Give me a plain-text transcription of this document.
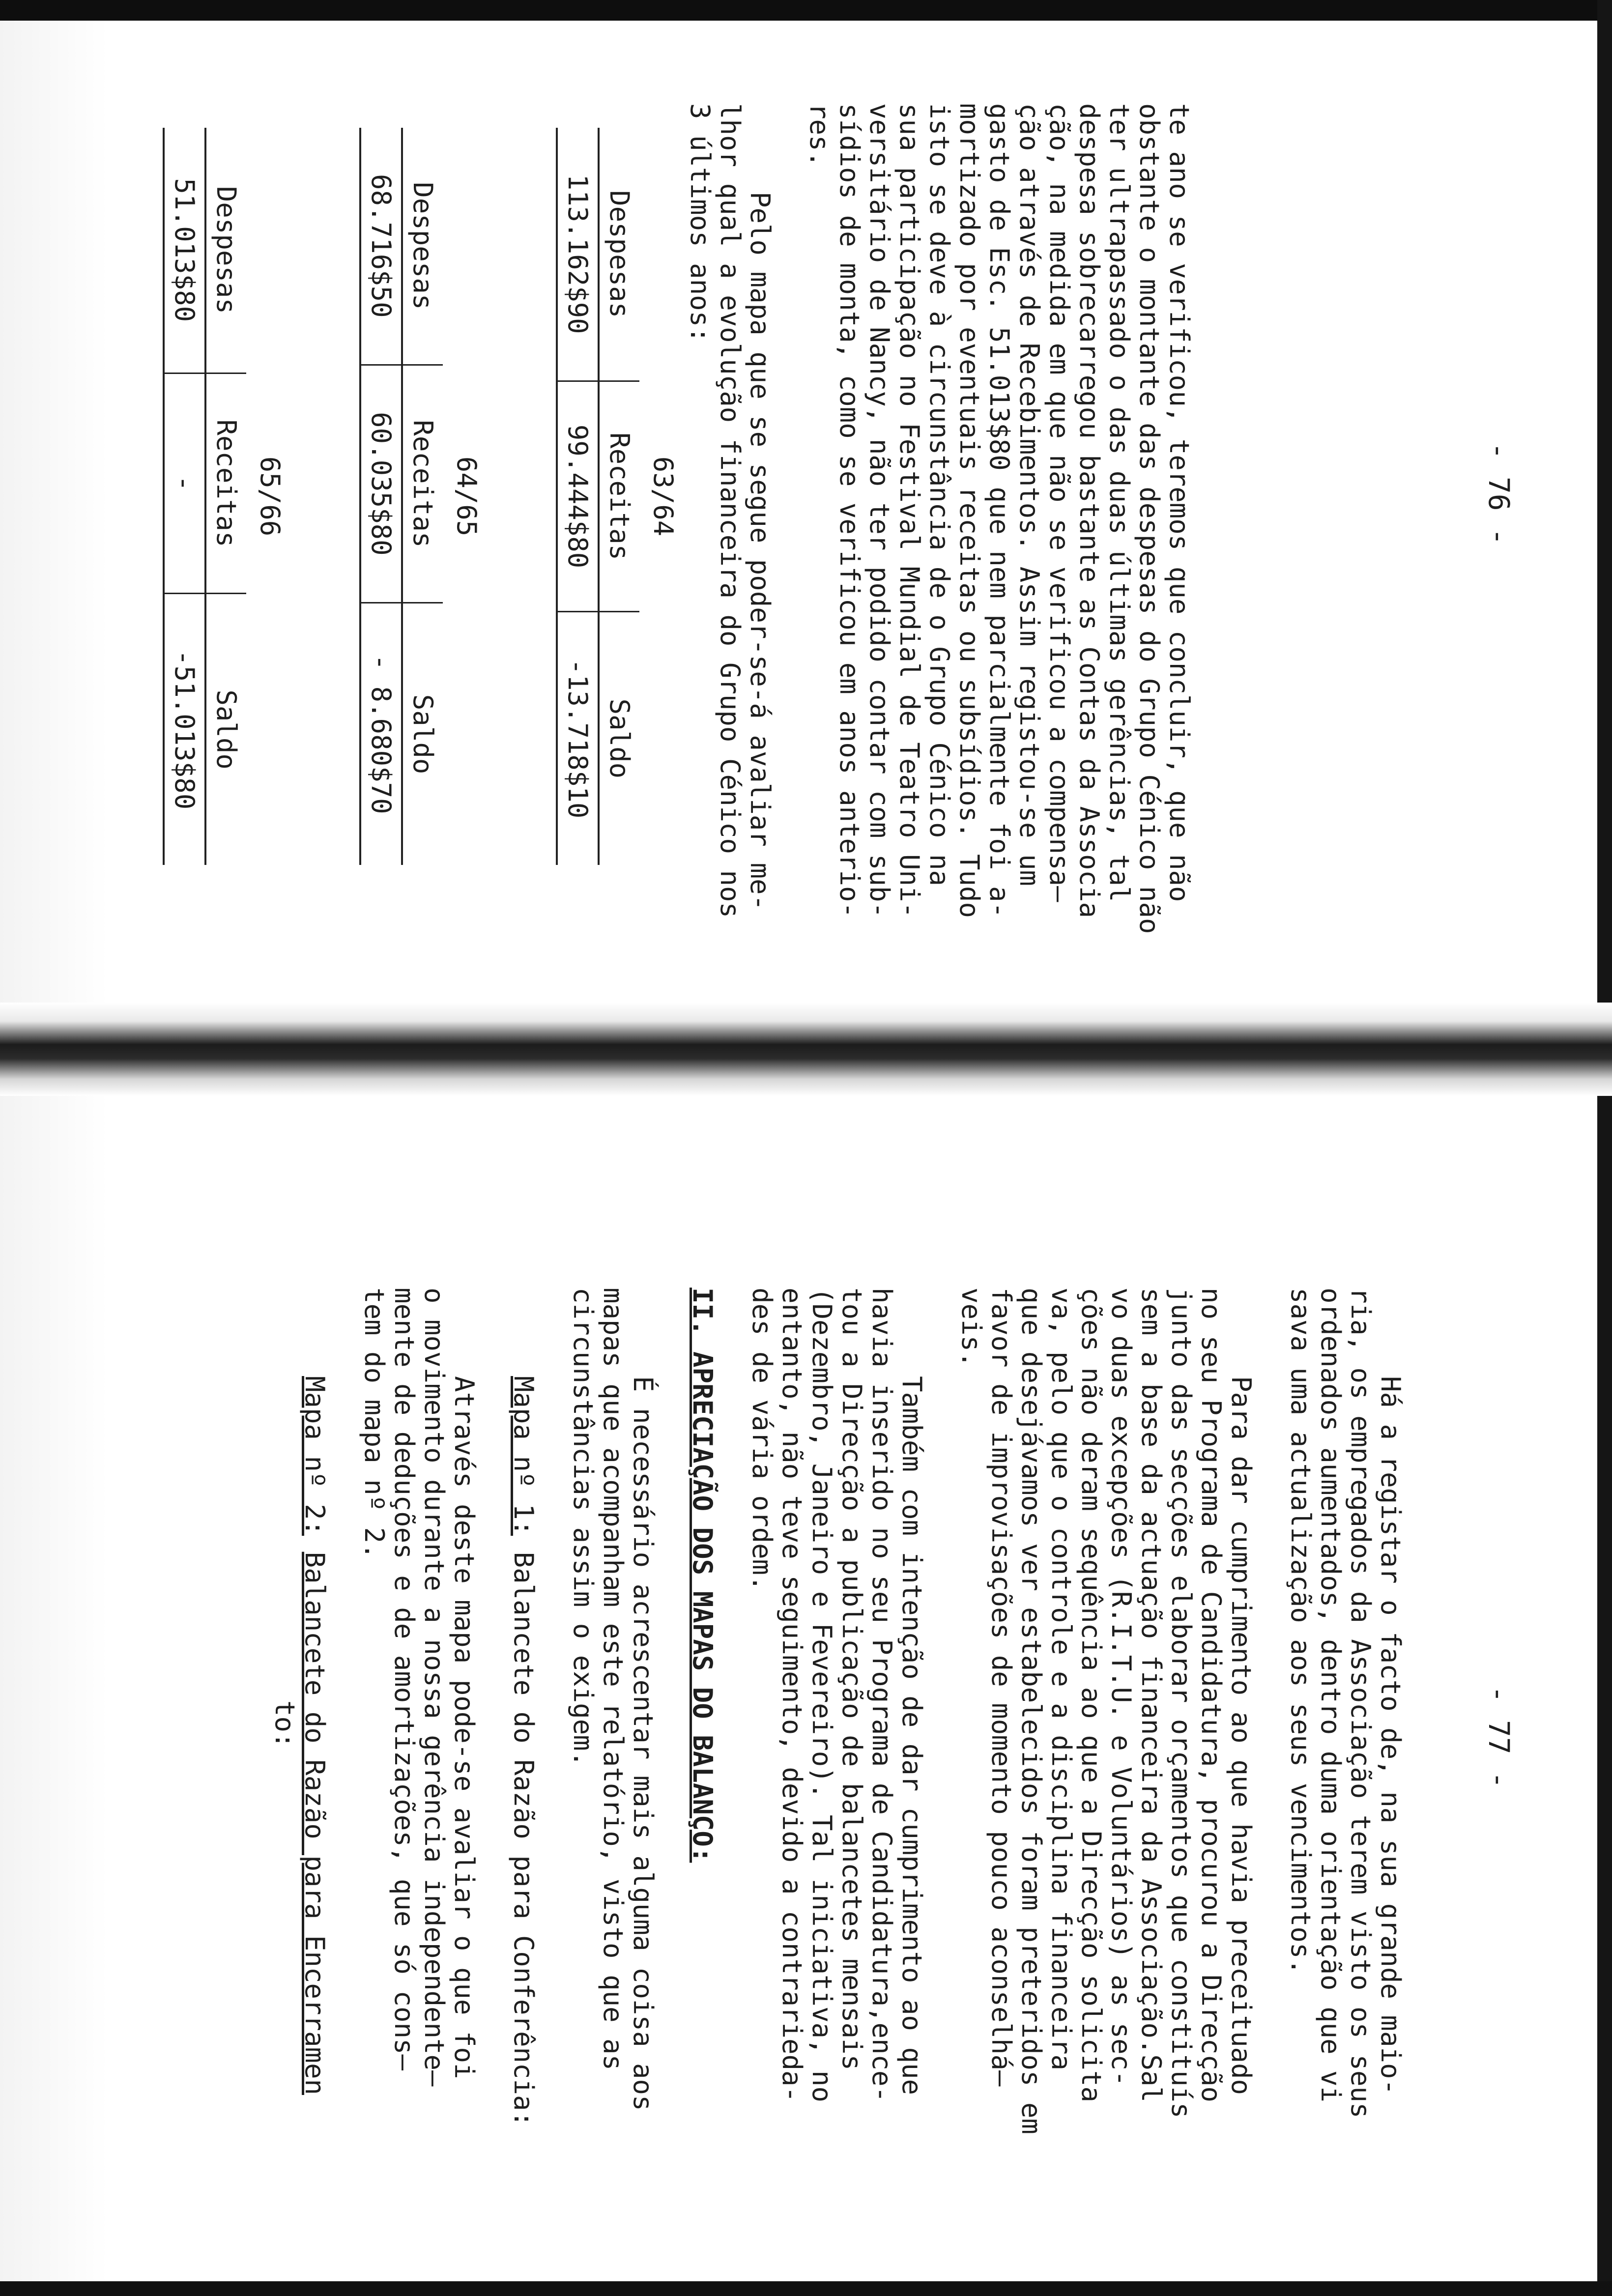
- 76 -
te ano se verificou, teremos que concluir, que não
obstante o montante das despesas do Grupo Cénico não
ter ultrapassado o das duas últimas gerências, tal
despesa sobrecarregou bastante as Contas da Associa
ção, na medida em que não se verificou a compensa—
ção através de Recebimentos. Assim registou-se um
gasto de Esc. 51.013$80 que nem parcialmente foi a-
mortizado por eventuais receitas ou subsídios. Tudo
isto se deve à circunstância de o Grupo Cénico na
sua participação no Festival Mundial de Teatro Uni-
versitário de Nancy, não ter podido contar com sub-
sídios de monta, como se verificou em anos anterio-
res.
Pelo mapa que se segue poder-se-á avaliar me-
lhor qual a evolução financeira do Grupo Cénico nos
3 últimos anos:
63/64
Despesas	Receitas	Saldo
113.162$90	99.444$80	-13.718$10
64/65
Despesas	Receitas	Saldo
68.716$50	60.035$80	- 8.680$70
65/66
Despesas	Receitas	Saldo
51.013$80	-	-51.013$80
- 77 -
Há a registar o facto de, na sua grande maio-
ria, os empregados da Associação terem visto os seus
ordenados aumentados, dentro duma orientação que vi
sava uma actualização aos seus vencimentos.
Para dar cumprimento ao que havia preceituado
no seu Programa de Candidatura, procurou a Direcção
junto das secções elaborar orçamentos que constituís
sem a base da actuação financeira da Associação.Sal
vo duas excepções (R.I.T.U. e Voluntários) as sec-
ções não deram sequência ao que a Direcção solicita
va, pelo que o controle e a disciplina financeira
que desejávamos ver estabelecidos foram preteridos em
favor de improvisações de momento pouco aconselhá—
veis.
Também com intenção de dar cumprimento ao que
havia inserido no seu Programa de Candidatura,ence-
tou a Direcção a publicação de balancetes mensais
(Dezembro, Janeiro e Fevereiro). Tal iniciativa, no
entanto, não teve seguimento, devido a contrarieda-
des de vária ordem.
II. APRECIAÇÃO DOS MAPAS DO BALANÇO:
É necessário acrescentar mais alguma coisa aos
mapas que acompanham este relatório, visto que as
circunstâncias assim o exigem.
Mapa nº 1: Balancete do Razão para Conferência:
Através deste mapa pode-se avaliar o que foi
o movimento durante a nossa gerência independente—
mente de deduções e de amortizações, que só cons—
tem do mapa nº 2.
Mapa nº 2: Balancete do Razão para Encerramen
to:
